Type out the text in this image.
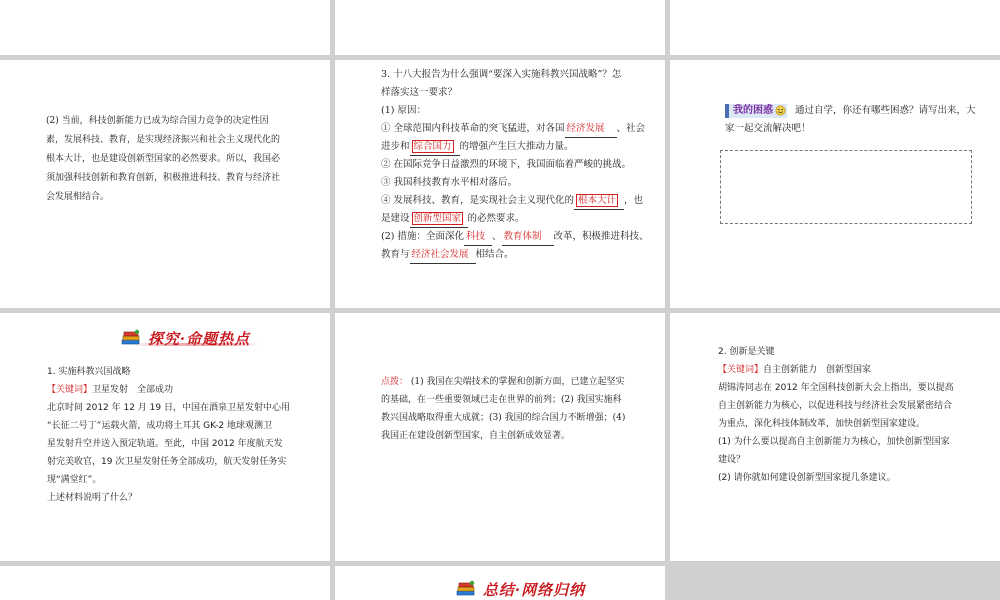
(2) 当前，科技创新能力已成为综合国力竞争的决定性因

素，发展科技、教育，是实现经济振兴和社会主义现代化的

根本大计，也是建设创新型国家的必然要求。所以，我国必

须加强科技创新和教育创新，积极推进科技、教育与经济社

会发展相结合。

3. 十八大报告为什么强调“要深入实施科教兴国战略”？怎

样落实这一要求？

(1) 原因：

① 全球范围内科技革命的突飞猛进，对各国 经济发展 、社会

进步和 综合国力 的增强产生巨大推动力量。

② 在国际竞争日益激烈的环境下，我国面临着严峻的挑战。

③ 我国科技教育水平相对落后。

④ 发展科技、教育，是实现社会主义现代化的 根本大计 ，也

是建设 创新型国家 的必然要求。

(2) 措施：全面深化 科技 、 教育体制 改革，积极推进科技、

教育与 经济社会发展 相结合。

我的困惑 通过自学，你还有哪些困惑？请写出来，大

家一起交流解决吧！

探究·命题热点

1. 实施科教兴国战略

【关键词】卫星发射　全部成功

北京时间 2012 年 12 月 19 日，中国在酒泉卫星发射中心用

“长征二号丁”运载火箭，成功将土耳其 GK-2 地球观测卫

星发射升空并送入预定轨道。至此，中国 2012 年度航天发

射完美收官，19 次卫星发射任务全部成功，航天发射任务实

现“满堂红”。

上述材料说明了什么？

点拨： (1) 我国在尖端技术的掌握和创新方面，已建立起坚实

的基础，在一些重要领域已走在世界的前列；(2) 我国实施科

教兴国战略取得重大成就；(3) 我国的综合国力不断增强；(4)

我国正在建设创新型国家，自主创新成效显著。

2. 创新是关键

【关键词】自主创新能力　创新型国家

胡锦涛同志在 2012 年全国科技创新大会上指出，要以提高

自主创新能力为核心，以促进科技与经济社会发展紧密结合

为重点，深化科技体制改革，加快创新型国家建设。

(1) 为什么要以提高自主创新能力为核心，加快创新型国家

建设？

(2) 请你就如何建设创新型国家提几条建议。

总结·网络归纳
